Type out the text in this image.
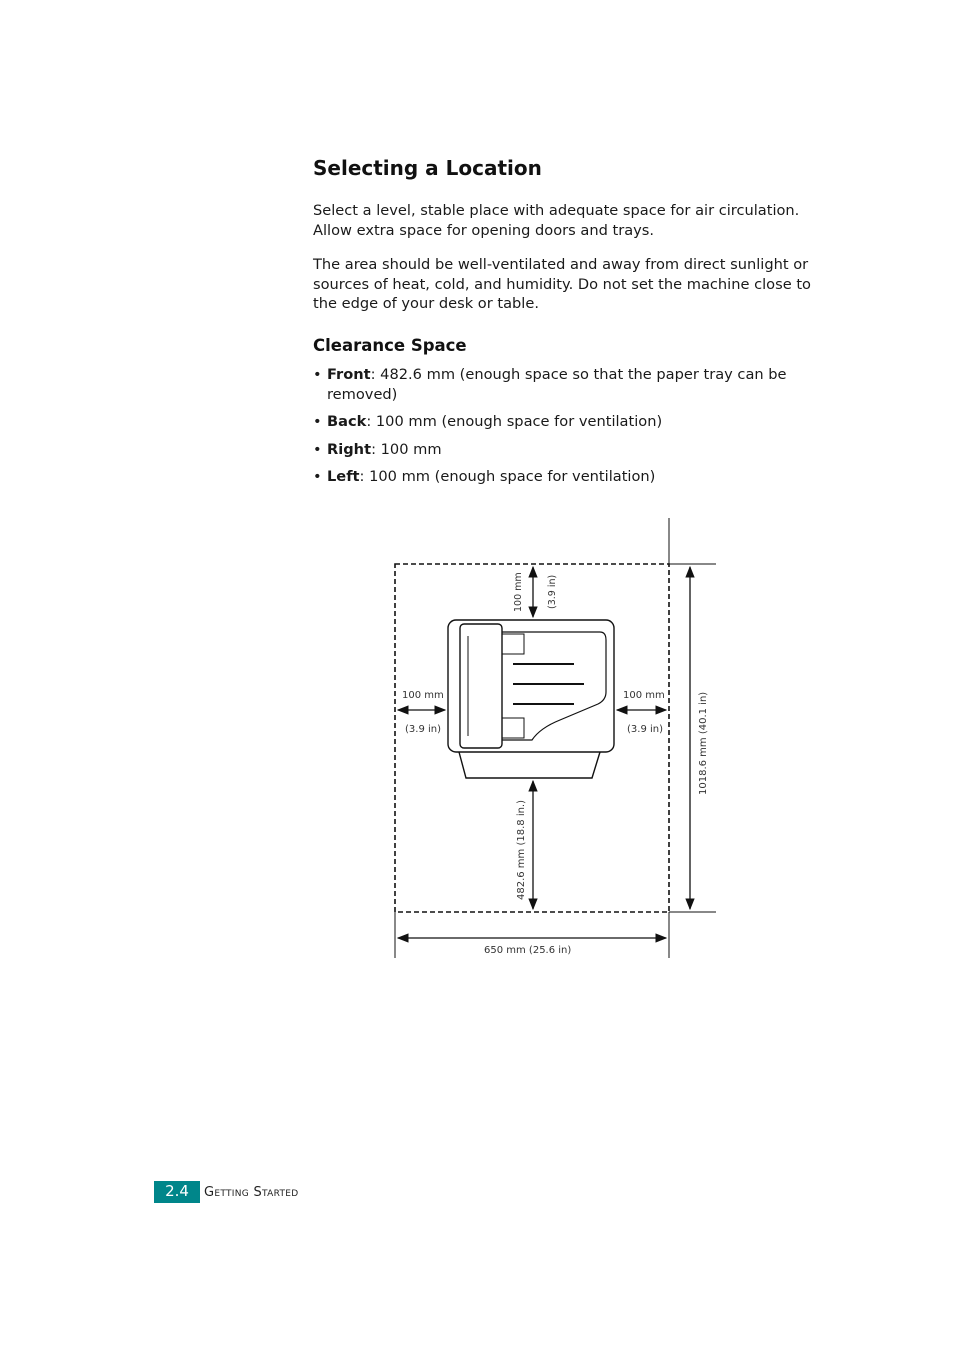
Selecting a Location

Select a level, stable place with adequate space for air circulation. Allow extra space for opening doors and trays.

The area should be well-ventilated and away from direct sunlight or sources of heat, cold, and humidity. Do not set the machine close to the edge of your desk or table.

Clearance Space
• Front: 482.6 mm (enough space so that the paper tray can be removed)
• Back: 100 mm (enough space for ventilation)
• Right: 100 mm
• Left: 100 mm (enough space for ventilation)
100 mm (3.9 in)
100 mm
(3.9 in)
100 mm
(3.9 in)
482.6 mm (18.8 in.)
1018.6 mm (40.1 in)
650 mm (25.6 in)
2.4	Getting Started
